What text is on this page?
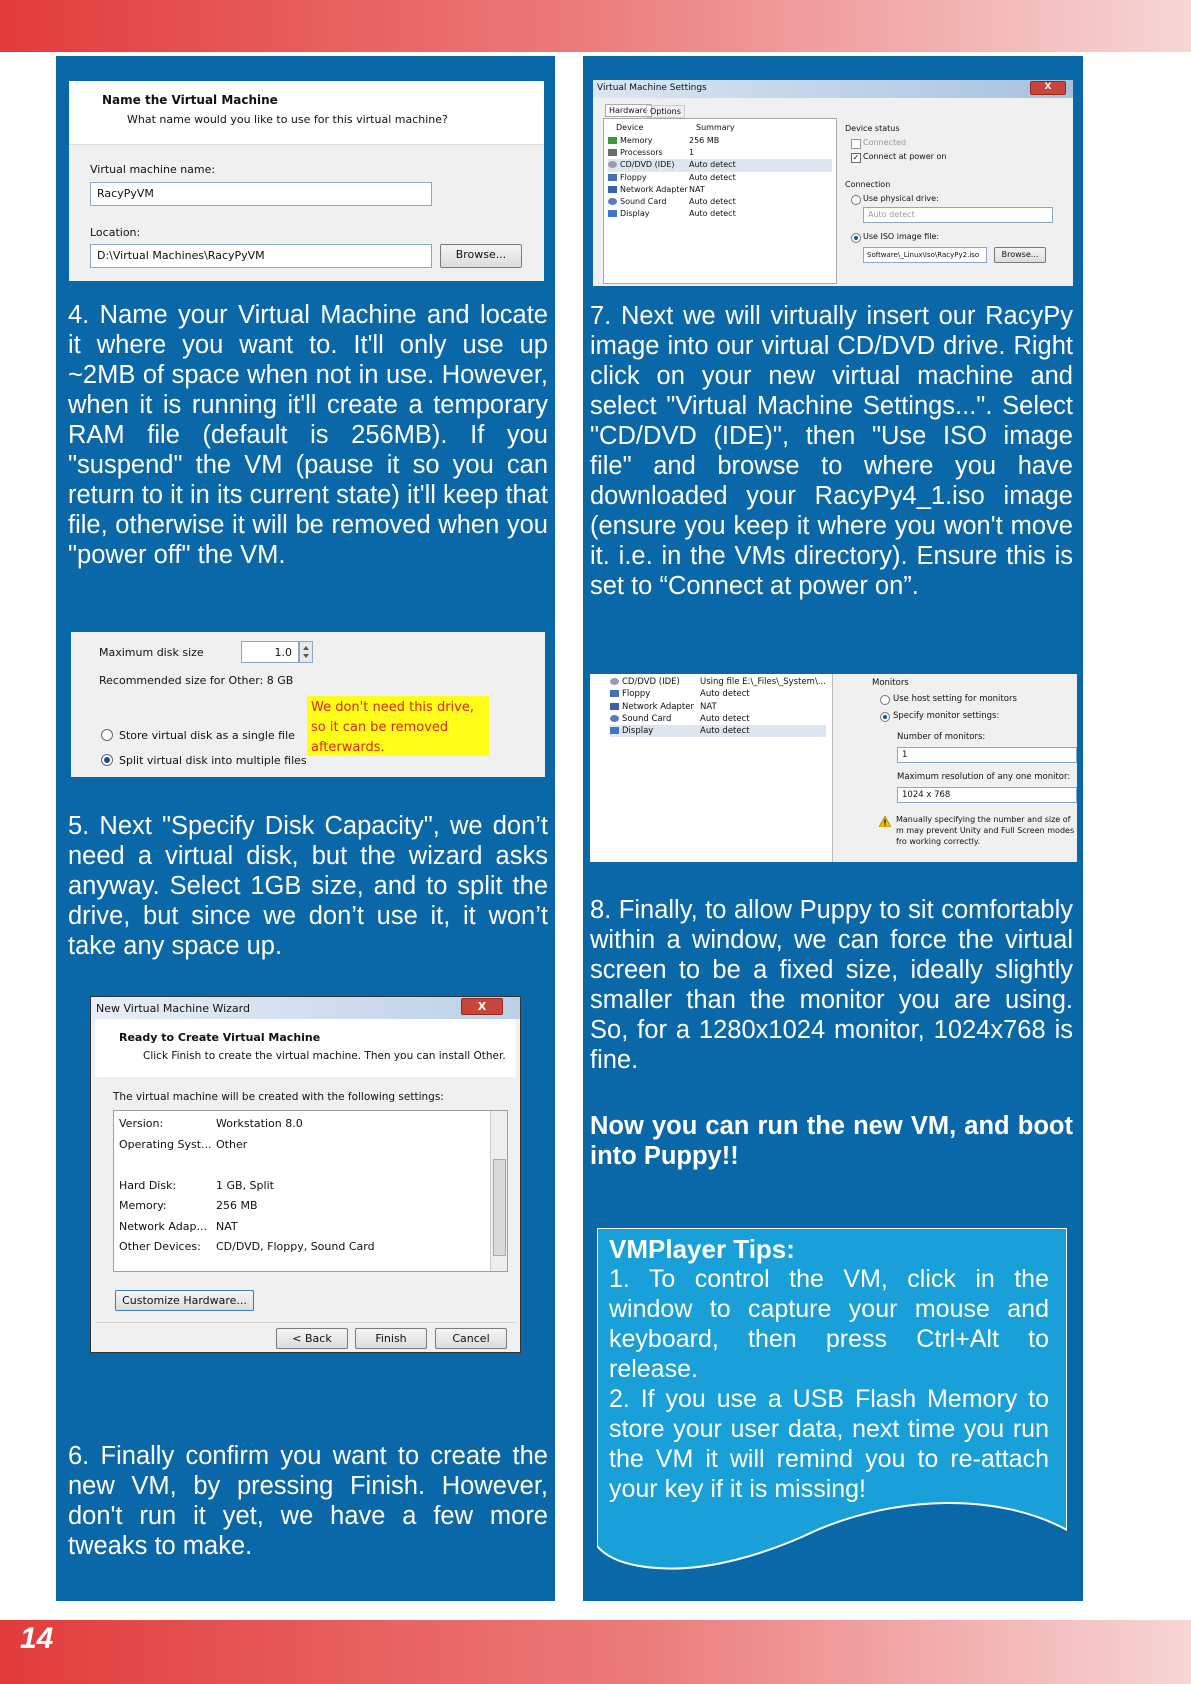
Name the Virtual Machine
What name would you like to use for this virtual machine?
Virtual machine name:
RacyPyVM
Location:
D:\Virtual Machines\RacyPyVM	Browse...

4. Name your Virtual Machine and locate it where you want to. It'll only use up ~2MB of space when not in use. However, when it is running it'll create a temporary RAM file (default is 256MB). If you "suspend" the VM (pause it so you can return to it in its current state) it'll keep that file, otherwise it will be removed when you "power off" the VM.

Maximum disk size	1.0
Recommended size for Other: 8 GB
We don't need this drive, so it can be removed afterwards.
Store virtual disk as a single file
Split virtual disk into multiple files

5. Next "Specify Disk Capacity", we don’t need a virtual disk, but the wizard asks anyway. Select 1GB size, and to split the drive, but since we don’t use it, it won’t take any space up.

New Virtual Machine Wizard	X
Ready to Create Virtual Machine
Click Finish to create the virtual machine. Then you can install Other.
The virtual machine will be created with the following settings:
Version:	Workstation 8.0
Operating Syst... Other
Hard Disk:	1 GB, Split
Memory:	256 MB
Network Adap... NAT
Other Devices:	CD/DVD, Floppy, Sound Card
Customize Hardware...
< Back	Finish	Cancel

6. Finally confirm you want to create the new VM, by pressing Finish. However, don't run it yet, we have a few more tweaks to make.

Virtual Machine Settings	X
Hardware Options
Device	Summary
Memory	256 MB
Processors	1
CD/DVD (IDE)	Auto detect
Floppy	Auto detect
Network Adapter NAT
Sound Card	Auto detect
Display	Auto detect
Device status
Connected
✓ Connect at power on
Connection
Use physical drive:
Auto detect
Use ISO image file:
Software\_Linux\Iso\RacyPy2.iso	Browse...

7. Next we will virtually insert our RacyPy image into our virtual CD/DVD drive. Right click on your new virtual machine and select "Virtual Machine Settings...". Select "CD/DVD (IDE)", then "Use ISO image file" and browse to where you have downloaded your RacyPy4_1.iso image (ensure you keep it where you won't move it. i.e. in the VMs directory). Ensure this is set to “Connect at power on”.

CD/DVD (IDE)	Using file E:\_Files\_System\...
Floppy	Auto detect
Network Adapter NAT
Sound Card	Auto detect
Display	Auto detect
Monitors
Use host setting for monitors
Specify monitor settings:
Number of monitors:
1
Maximum resolution of any one monitor:
1024 x 768
Manually specifying the number and size of m may prevent Unity and Full Screen modes fro working correctly.

8. Finally, to allow Puppy to sit comfortably within a window, we can force the virtual screen to be a fixed size, ideally slightly smaller than the monitor you are using. So, for a 1280x1024 monitor, 1024x768 is fine.

Now you can run the new VM, and boot into Puppy!!

VMPlayer Tips:

1. To control the VM, click in the window to capture your mouse and keyboard, then press Ctrl+Alt to release.

2. If you use a USB Flash Memory to store your user data, next time you run the VM it will remind you to re-attach your key if it is missing!

14
